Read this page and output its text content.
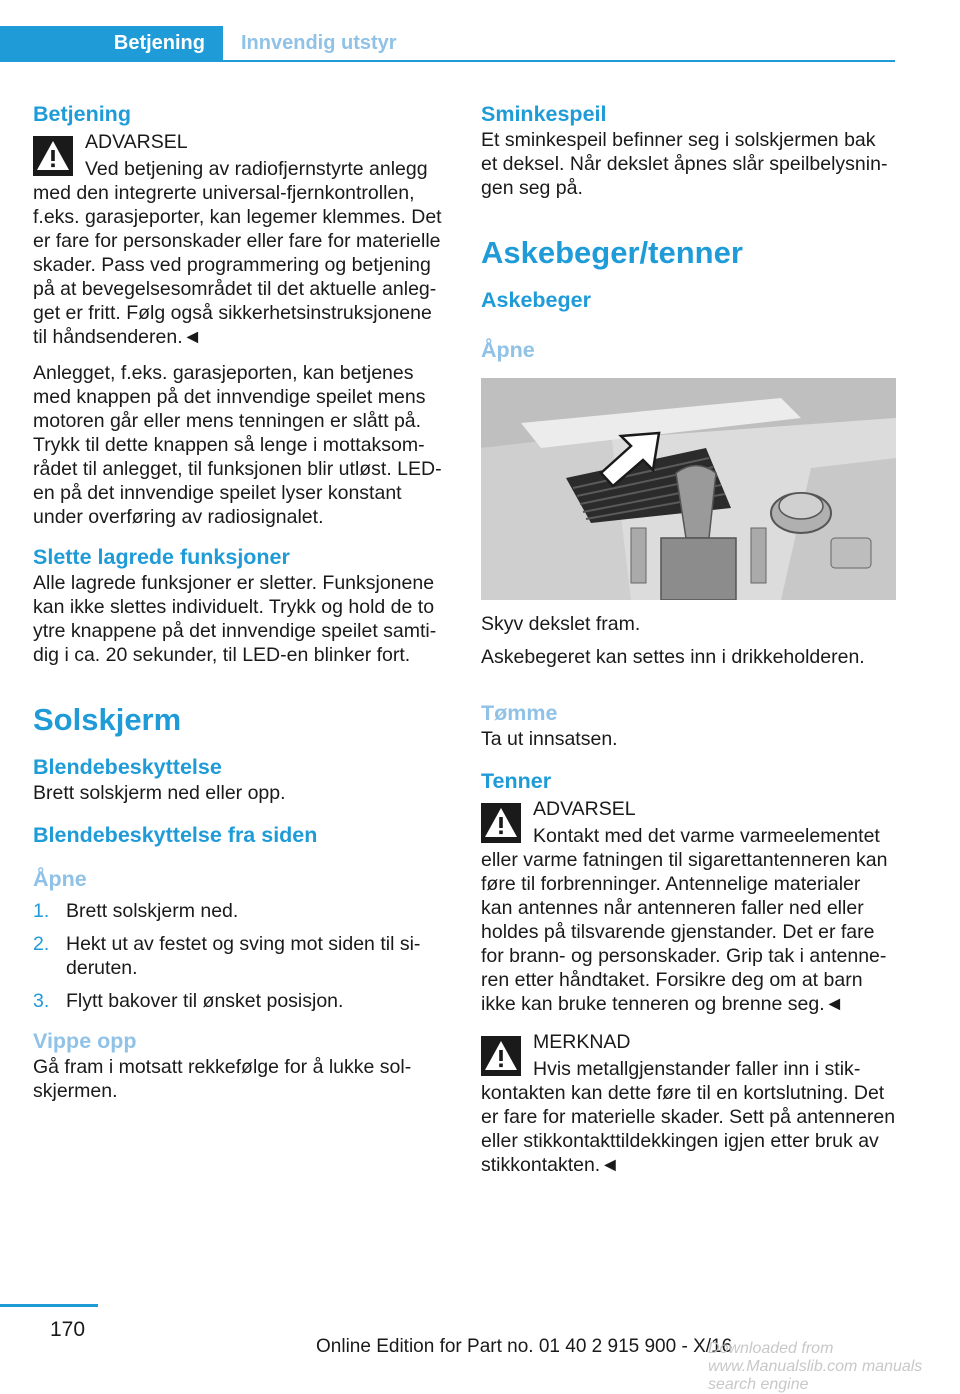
Betjening	Innvendig utstyr
Betjening
ADVARSEL

Ved betjening av radiofjernstyrte anlegg med den integrerte universal-fjernkontrollen, f.eks. garasjeporter, kan legemer klemmes. Det er fare for personskader eller fare for materielle skader. Pass ved programmering og betjening på at bevegelsesområdet til det aktuelle anlegget er fritt. Følg også sikkerhetsinstruksjonene til håndsenderen.◄

Anlegget, f.eks. garasjeporten, kan betjenes med knappen på det innvendige speilet mens motoren går eller mens tenningen er slått på. Trykk til dette knappen så lenge i mottaksområdet til anlegget, til funksjonen blir utløst. LED-en på det innvendige speilet lyser konstant under overføring av radiosignalet.

Slette lagrede funksjoner

Alle lagrede funksjoner er sletter. Funksjonene kan ikke slettes individuelt. Trykk og hold de to ytre knappene på det innvendige speilet samtidig i ca. 20 sekunder, til LED-en blinker fort.

Solskjerm
Blendebeskyttelse

Brett solskjerm ned eller opp.

Blendebeskyttelse fra siden
Åpne
1. Brett solskjerm ned.
2. Hekt ut av festet og sving mot siden til sideruten.
3. Flytt bakover til ønsket posisjon.
Vippe opp

Gå fram i motsatt rekkefølge for å lukke solskjermen.

Sminkespeil

Et sminkespeil befinner seg i solskjermen bak et deksel. Når dekslet åpnes slår speilbelysningen seg på.

Askebeger/tenner
Askebeger
Åpne

Skyv dekslet fram.

Askebegeret kan settes inn i drikkeholderen.

Tømme

Ta ut innsatsen.

Tenner
ADVARSEL

Kontakt med det varme varmeelementet eller varme fatningen til sigarettantenneren kan føre til forbrenninger. Antennelige materialer kan antennes når antenneren faller ned eller holdes på tilsvarende gjenstander. Det er fare for brann- og personskader. Grip tak i antenneren etter håndtaket. Forsikre deg om at barn ikke kan bruke tenneren og brenne seg.◄

MERKNAD

Hvis metallgjenstander faller inn i stikkontakten kan dette føre til en kortslutning. Det er fare for materielle skader. Sett på antenneren eller stikkontakttildekkingen igjen etter bruk av stikkontakten.◄

170
Online Edition for Part no. 01 40 2 915 900 - X/16
Downloaded from www.Manualslib.com manuals search engine
